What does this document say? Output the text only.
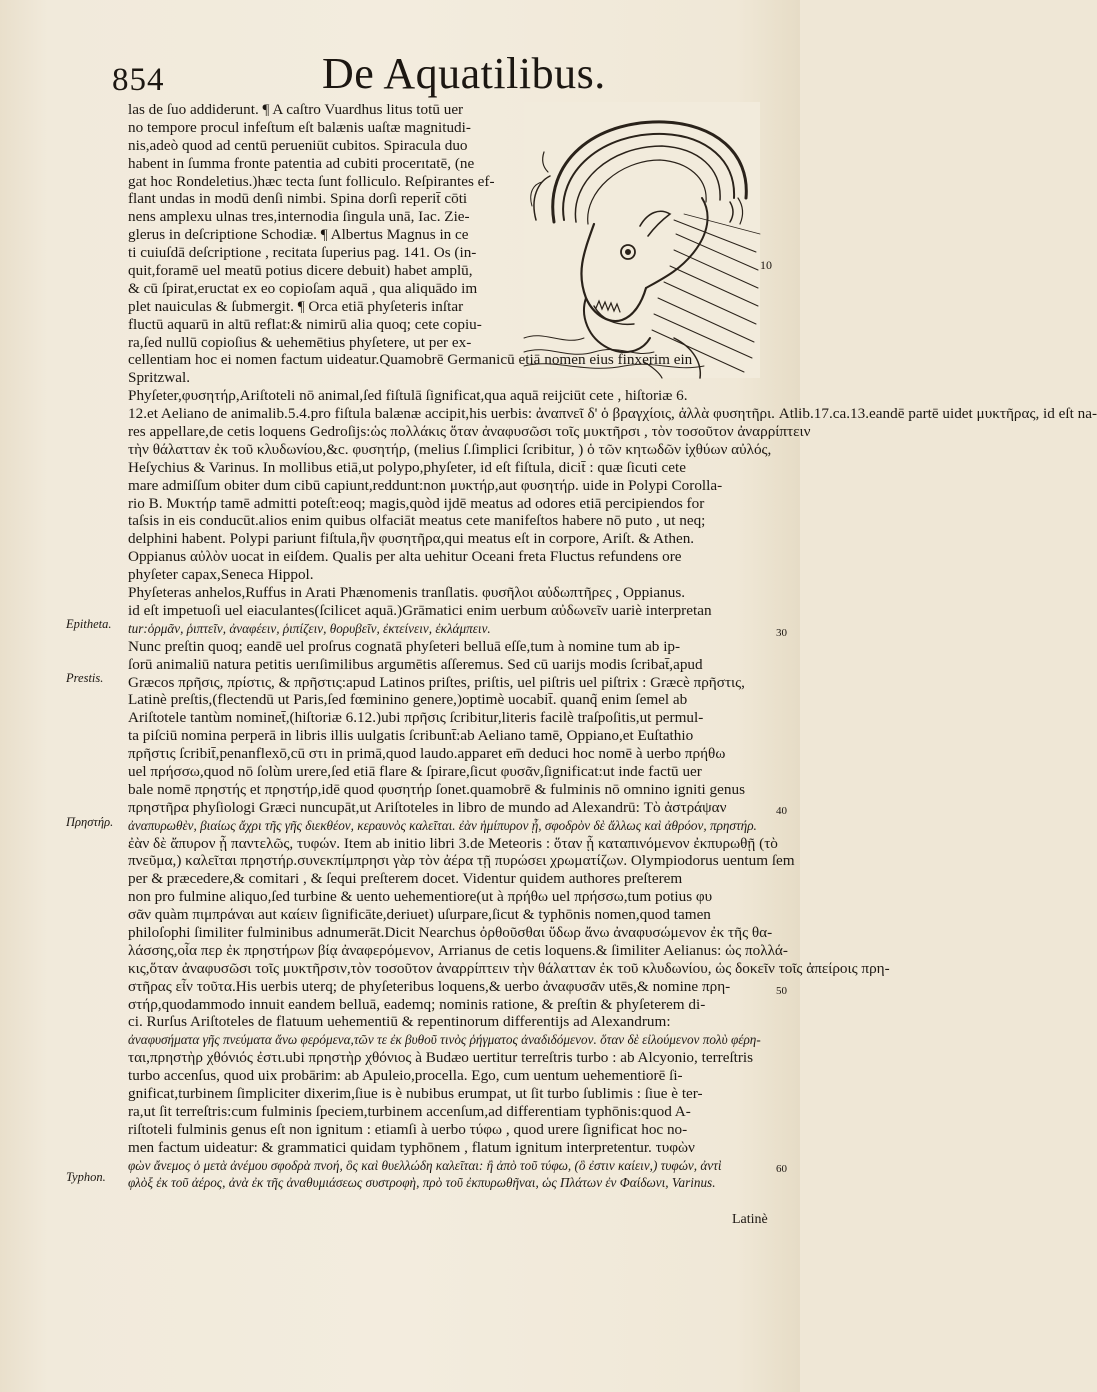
854	De Aquatilibus.
10
Epitheta.
Prestis.
Πρηστήρ.
Typhon.
30
40
50
60
las de ſuo addiderunt. ¶ A caſtro Vuardhus litus totū uer
no tempore procul infeſtum eſt balænis uaſtæ magnitudi-
nis,adeò quod ad centū perueniūt cubitos. Spiracula duo
habent in ſumma fronte patentia ad cubiti procerıtatē, (ne
gat hoc Rondeletius.)hæc tecta ſunt folliculo. Reſpirantes ef-
flant undas in modū denſi nimbi. Spina dorſi reperit̄ cōti
nens amplexu ulnas tres,internodia ſingula unā, Iac. Zie-
glerus in deſcriptione Schodiæ. ¶ Albertus Magnus in ce
ti cuiuſdā deſcriptione , recitata ſuperius pag. 141. Os (in-
quit,foramē uel meatū potius dicere debuit) habet amplū,
& cū ſpirat,eructat ex eo copioſam aquā , qua aliquādo im
plet nauiculas & ſubmergit. ¶ Orca etiā phyſeteris inſtar
fluctū aquarū in altū reflat:& nimirū alia quoq; cete copiu-
ra,ſed nullū copioſius & uehemētius phyſetere, ut per ex-
cellentiam hoc ei nomen factum uideatur.Quamobrē Germanicū etiā nomen eius finxerim ein
Spritzwal.
Phyſeter,φυσητήρ,Ariſtoteli nō animal,ſed fiſtulā ſignificat,qua aquā reijciūt cete , hiſtoriæ 6.
12.et Aeliano de animalib.5.4.pro fiſtula balænæ accipit,his uerbis: ἀναπνεῖ δ' ὁ βραγχίοις, ἀλλὰ φυσητῆρι. Atlib.17.ca.13.eandē partē uidet μυκτῆρας, id eſt na-
res appellare,de cetis loquens Gedroſijs:ὡς πολλάκις ὅταν ἀναφυσῶσι τοῖς μυκτῆρσι , τὸν τοσοῦτον ἀναρρίπτειν
τὴν θάλατταν ἐκ τοῦ κλυδωνίου,&c. φυσητήρ, (melius ſ.ſimplici ſcribitur, ) ὁ τῶν κητωδῶν ἰχθύων αὐλός,
Heſychius & Varinus. In mollibus etiā,ut polypo,phyſeter, id eſt fiſtula, dicit̄ : quæ ſicuti cete
mare admiſſum obiter dum cibū capiunt,reddunt:non μυκτήρ,aut φυσητήρ. uide in Polypi Corolla-
rio B. Μυκτήρ tamē admitti poteſt:eoq; magis,quòd ijdē meatus ad odores etiā percipiendos for
taſsis in eis conducūt.alios enim quibus olfaciāt meatus cete manifeſtos habere nō puto , ut neq;
delphini habent. Polypi pariunt fiſtula,ἢν φυσητῆρα,qui meatus eſt in corpore, Ariſt. & Athen.
Oppianus αὐλὸν uocat in eiſdem. Qualis per alta uehitur Oceani freta Fluctus refundens ore
phyſeter capax,Seneca Hippol.
Phyſeteras anhelos,Ruffus in Arati Phænomenis tranſlatis. φυσῆλοι αὐδωπτῆρες , Oppianus.
id eſt impetuoſi uel eiaculantes(ſcilicet aquā.)Grāmatici enim uerbum αὐδωνεῖν uariè interpretan
tur:ὁρμᾶν, ῥιπτεῖν, ἀναφέειν, ῥιπίζειν, θορυβεῖν, ἐκτείνειν, ἐκλάμπειν.
Nunc preſtin quoq; eandē uel proſrus cognatā phyſeteri belluā eſſe,tum à nomine tum ab ip-
ſorū animaliū natura petitis uerıſimilibus argumētis aſſeremus. Sed cū uarijs modis ſcribat̄,apud
Græcos πρῆσις, πρίστις, & πρῆστις:apud Latinos priſtes, priſtis, uel piſtris uel piſtrix : Græcè πρῆστις,
Latinè preſtis,(flectendū ut Paris,ſed fœminino genere,)optimè uocabit̄. quanq̃ enim ſemel ab
Ariſtotele tantùm nominet̄,(hiſtoriæ 6.12.)ubi πρῆσις ſcribitur,literis facilè traſpoſitis,ut permul-
ta piſciū nomina perperā in libris illis uulgatis ſcribunt̄:ab Aeliano tamē, Oppiano,et Euſtathio
πρῆστις ſcribit̄,penanflexō,cū στι in primā,quod laudo.apparet em̄ deduci hoc nomē à uerbo πρήθω
uel πρήσσω,quod nō ſolùm urere,ſed etiā flare & ſpirare,ſicut φυσᾶν,ſignificat:ut inde factū uer
bale nomē πρηστής et πρηστήρ,idē quod φυσητήρ ſonet.quamobrē & fulminis nō omnino igniti genus
πρηστῆρα phyſiologi Græci nuncupāt,ut Ariſtoteles in libro de mundo ad Alexandrū: Τὸ ἀστράψαν
ἀναπυρωθὲν, βιαίως ἄχρι τῆς γῆς διεκθέον, κεραυνὸς καλεῖται. ἐὰν ἡμίπυρον ᾖ, σφοδρὸν δὲ ἄλλως καὶ ἀθρόον, πρηστήρ.
ἐὰν δὲ ἄπυρον ᾖ παντελῶς, τυφών. Item ab initio libri 3.de Meteoris : ὅταν ᾖ καταπινόμενον ἐκπυρωθῇ (τὸ
πνεῦμα,) καλεῖται πρηστήρ.συνεκπίμπρησι γὰρ τὸν ἀέρα τῇ πυρώσει χρωματίζων. Olympiodorus uentum ſem
per & præcedere,& comitari , & ſequi preſterem docet. Videntur quidem authores preſterem
non pro fulmine aliquo,ſed turbine & uento uehementiore(ut à πρήθω uel πρήσσω,tum potius φυ
σᾶν quàm πιμπράναι aut καίειν ſignificāte,deriuet) uſurpare,ſicut & typhōnis nomen,quod tamen
philoſophi ſimiliter fulminibus adnumerāt.Dicit Nearchus ὀρθοῦσθαι ὕδωρ ἄνω ἀναφυσώμενον ἐκ τῆς θα-
λάσσης,οἷα περ ἐκ πρηστήρων βίᾳ ἀναφερόμενον, Arrianus de cetis loquens.& ſimiliter Aelianus: ὡς πολλά-
κις,ὅταν ἀναφυσῶσι τοῖς μυκτῆρσιν,τὸν τοσοῦτον ἀναρρίπτειν τὴν θάλατταν ἐκ τοῦ κλυδωνίου, ὡς δοκεῖν τοῖς ἀπείροις πρη-
στῆρας εἶν τοῦτα.His uerbis uterq; de phyſeteribus loquens,& uerbo ἀναφυσᾶν utēs,& nomine πρη-
στήρ,quodammodo innuit eandem belluā, eademq; nominis ratione, & preſtin & phyſeterem di-
ci. Rurſus Ariſtoteles de flatuum uehementiū & repentinorum differentijs ad Alexandrum:
ἀναφυσήματα γῆς πνεύματα ἄνω φερόμενα,τῶν τε ἐκ βυθοῦ τινὸς ῥήγματος ἀναδιδόμενον. ὅταν δὲ εἰλούμενον πολὺ φέρη-
ται,πρηστὴρ χθόνιός ἐστι.ubi πρηστὴρ χθόνιος à Budæo uertitur terreſtris turbo : ab Alcyonio, terreſtris
turbo accenſus, quod uix probārim: ab Apuleio,procella. Ego, cum uentum uehementiorē ſi-
gnificat,turbinem ſimpliciter dixerim,ſiue is è nubibus erumpat, ut ſit turbo ſublimis : ſiue è ter-
ra,ut ſit terreſtris:cum fulminis ſpeciem,turbinem accenſum,ad differentiam typhōnis:quod A-
riſtoteli fulminis genus eſt non ignitum : etiamſi à uerbo τύφω , quod urere ſignificat hoc no-
men factum uideatur: & grammatici quidam typhōnem , flatum ignitum interpretentur. τυφὼν
φὼν ἄνεμος ὁ μετὰ ἀνέμου σφοδρὰ πνοή, ὃς καὶ θυελλώδη καλεῖται: ἢ ἀπὸ τοῦ τύφω, (ὃ ἐστιν καίειν,) τυφών, ἀντὶ
φλὸξ ἐκ τοῦ ἀέρος, ἀνὰ ἐκ τῆς ἀναθυμιάσεως συστροφὴ, πρὸ τοῦ ἐκπυρωθῆναι, ὡς Πλάτων ἐν Φαίδωνι, Varinus.
Latinè
